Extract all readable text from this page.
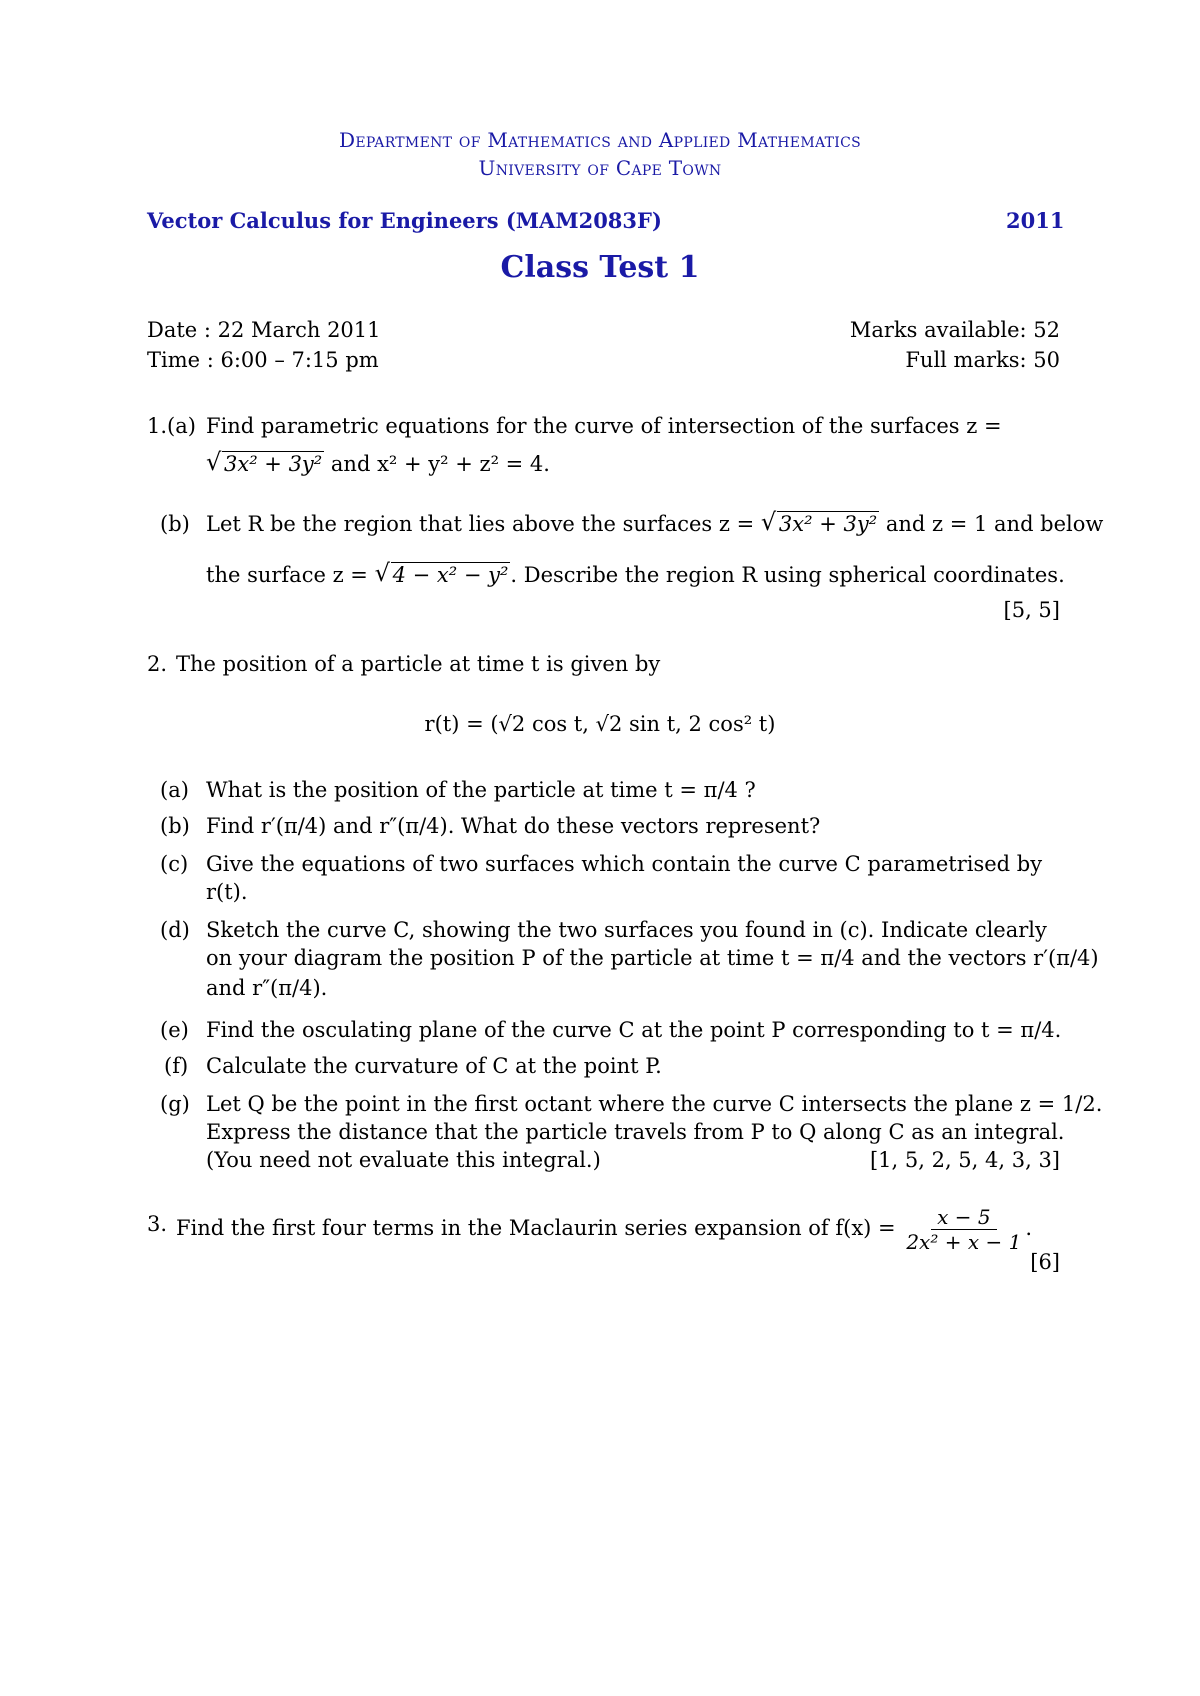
Department of Mathematics and Applied Mathematics
University of Cape Town
Vector Calculus for Engineers (MAM2083F)	2011
Class Test 1
Date : 22 March 2011
Time : 6:00 – 7:15 pm
Marks available: 52
Full marks: 50
1.(a) Find parametric equations for the curve of intersection of the surfaces z =
√ 3x² + 3y² and x² + y² + z² = 4.
(b) Let R be the region that lies above the surfaces z = √ 3x² + 3y² and z = 1 and below
the surface z = √ 4 − x² − y². Describe the region R using spherical coordinates.
[5, 5]
2. The position of a particle at time t is given by
r(t) = (√2 cos t, √2 sin t, 2 cos² t)
(a) What is the position of the particle at time t = π/4 ?
(b) Find r′(π/4) and r″(π/4). What do these vectors represent?
(c) Give the equations of two surfaces which contain the curve C parametrised by
r(t).
(d) Sketch the curve C, showing the two surfaces you found in (c). Indicate clearly
on your diagram the position P of the particle at time t = π/4 and the vectors r′(π/4)
and r″(π/4).
(e) Find the osculating plane of the curve C at the point P corresponding to t = π/4.
(f) Calculate the curvature of C at the point P.
(g) Let Q be the point in the first octant where the curve C intersects the plane z = 1/2.
Express the distance that the particle travels from P to Q along C as an integral.
(You need not evaluate this integral.)	[1, 5, 2, 5, 4, 3, 3]
3. Find the first four terms in the Maclaurin series expansion of $f(x) = \frac{x - 5}{\text{2x² + x − 1}}$ .
[6]
